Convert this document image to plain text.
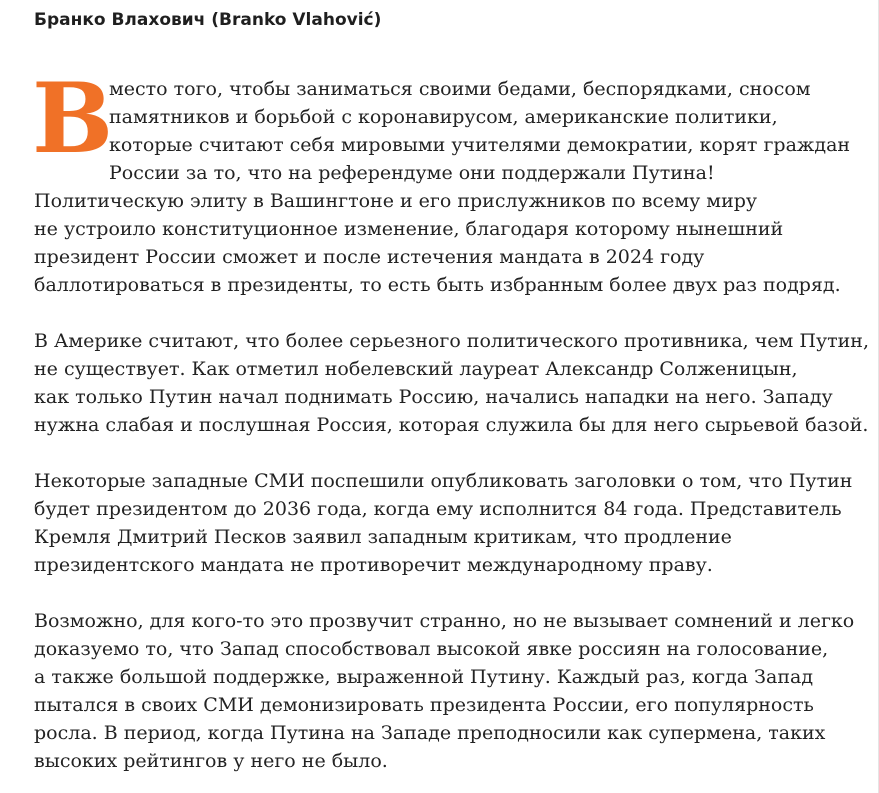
Бранко Влахович (Branko Vlahović)

В
место того, чтобы заниматься своими бедами, беспорядками, сносом
памятников и борьбой с коронавирусом, американские политики,
которые считают себя мировыми учителями демократии, корят граждан
России за то, что на референдуме они поддержали Путина!
Политическую элиту в Вашингтоне и его прислужников по всему миру
не устроило конституционное изменение, благодаря которому нынешний
президент России сможет и после истечения мандата в 2024 году
баллотироваться в президенты, то есть быть избранным более двух раз подряд.

В Америке считают, что более серьезного политического противника, чем Путин,
не существует. Как отметил нобелевский лауреат Александр Солженицын,
как только Путин начал поднимать Россию, начались нападки на него. Западу
нужна слабая и послушная Россия, которая служила бы для него сырьевой базой.

Некоторые западные СМИ поспешили опубликовать заголовки о том, что Путин
будет президентом до 2036 года, когда ему исполнится 84 года. Представитель
Кремля Дмитрий Песков заявил западным критикам, что продление
президентского мандата не противоречит международному праву.

Возможно, для кого-то это прозвучит странно, но не вызывает сомнений и легко
доказуемо то, что Запад способствовал высокой явке россиян на голосование,
а также большой поддержке, выраженной Путину. Каждый раз, когда Запад
пытался в своих СМИ демонизировать президента России, его популярность
росла. В период, когда Путина на Западе преподносили как супермена, таких
высоких рейтингов у него не было.
